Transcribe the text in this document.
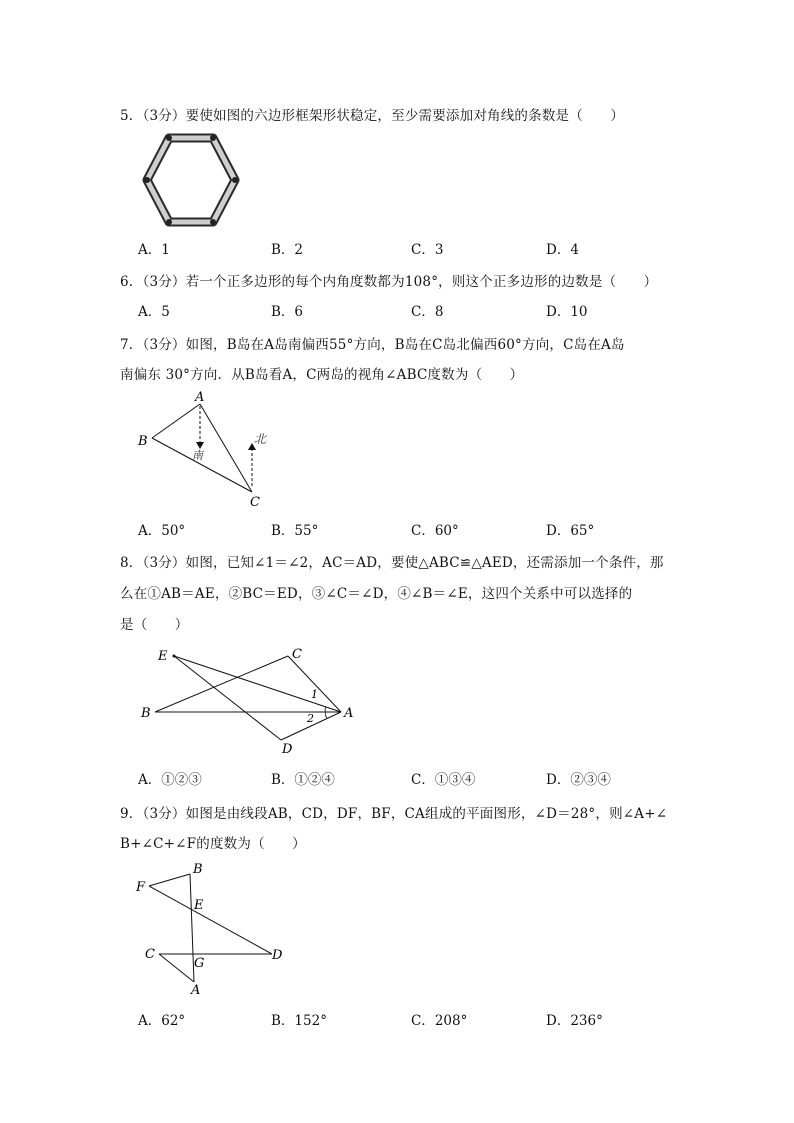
5．（3分）要使如图的六边形框架形状稳定，至少需要添加对角线的条数是（　　）
A．1	B．2	C．3	D．4
6．（3分）若一个正多边形的每个内角度数都为108°，则这个正多边形的边数是（　　）
A．5	B．6	C．8	D．10
7．（3分）如图，B岛在A岛南偏西55°方向，B岛在C岛北偏西60°方向，C岛在A岛
南偏东 30°方向．从B岛看A，C两岛的视角∠ABC度数为（　　）
A
B
C
南
北
A．50°	B．55°	C．60°	D．65°
8．（3分）如图，已知∠1＝∠2，AC＝AD，要使△ABC≌△AED，还需添加一个条件，那
么在①AB＝AE，②BC＝ED，③∠C＝∠D，④∠B＝∠E，这四个关系中可以选择的
是（　　）
E	C
B	A
D
1
2
A．①②③	B．①②④	C．①③④	D．②③④
9．（3分）如图是由线段AB，CD，DF，BF，CA组成的平面图形，∠D＝28°，则∠A+∠
B+∠C+∠F的度数为（　　）
F
B
E
C
G
D
A
A．62°	B．152°	C．208°	D．236°
